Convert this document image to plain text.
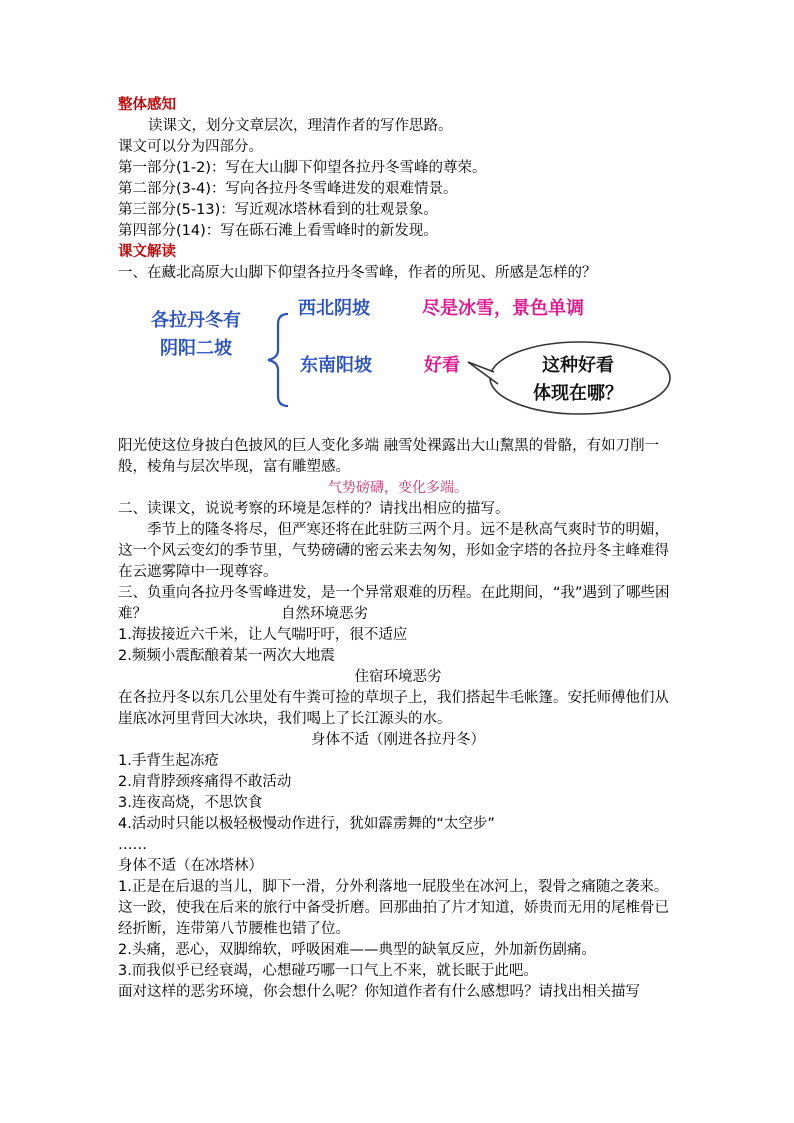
整体感知
读课文，划分文章层次，理清作者的写作思路。
课文可以分为四部分。
第一部分(1-2)：写在大山脚下仰望各拉丹冬雪峰的尊荣。
第二部分(3-4)：写向各拉丹冬雪峰进发的艰难情景。
第三部分(5-13)：写近观冰塔林看到的壮观景象。
第四部分(14)：写在砾石滩上看雪峰时的新发现。
课文解读
一、在藏北高原大山脚下仰望各拉丹冬雪峰，作者的所见、所感是怎样的？
各拉丹冬有
阴阳二坡
西北阴坡	尽是冰雪，景色单调
东南阳坡	好看	这种好看
体现在哪？
阳光使这位身披白色披风的巨人变化多端 融雪处裸露出大山黧黑的骨骼，有如刀削一般，棱角与层次毕现，富有雕塑感。
气势磅礴，变化多端。
二、读课文，说说考察的环境是怎样的？请找出相应的描写。
季节上的隆冬将尽，但严寒还将在此驻防三两个月。远不是秋高气爽时节的明媚，这一个风云变幻的季节里，气势磅礴的密云来去匆匆，形如金字塔的各拉丹冬主峰难得在云遮雾障中一现尊容。
三、负重向各拉丹冬雪峰进发，是一个异常艰难的历程。在此期间，“我”遇到了哪些困难？	自然环境恶劣
1.海拔接近六千米，让人气喘吁吁，很不适应
2.频频小震酝酿着某一两次大地震
住宿环境恶劣
在各拉丹冬以东几公里处有牛粪可捡的草坝子上，我们搭起牛毛帐篷。安托师傅他们从崖底冰河里背回大冰块，我们喝上了长江源头的水。
身体不适（刚进各拉丹冬）
1.手背生起冻疮
2.肩背脖颈疼痛得不敢活动
3.连夜高烧，不思饮食
4.活动时只能以极轻极慢动作进行，犹如霹雳舞的“太空步”
……
身体不适（在冰塔林）
1.正是在后退的当儿，脚下一滑，分外利落地一屁股坐在冰河上，裂骨之痛随之袭来。这一跤，使我在后来的旅行中备受折磨。回那曲拍了片才知道，娇贵而无用的尾椎骨已经折断，连带第八节腰椎也错了位。
2.头痛，恶心，双脚绵软，呼吸困难——典型的缺氧反应，外加新伤剧痛。
3.而我似乎已经衰竭，心想碰巧哪一口气上不来，就长眠于此吧。
面对这样的恶劣环境，你会想什么呢？你知道作者有什么感想吗？请找出相关描写
